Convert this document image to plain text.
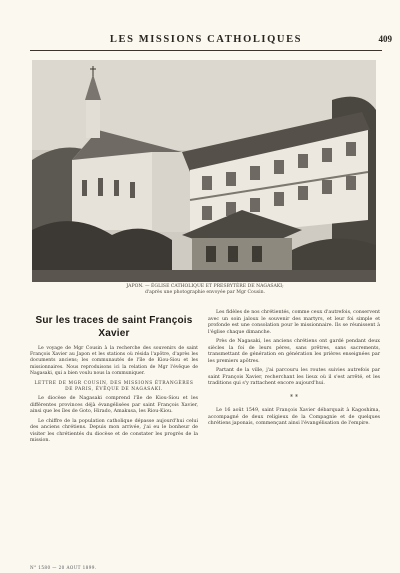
LES MISSIONS CATHOLIQUES	409
JAPON. — ÉGLISE CATHOLIQUE ET PRESBYTÈRE DE NAGASAKI;
d'après une photographie envoyée par Mgr Cousin.
Sur les traces de saint François Xavier

Le voyage de Mgr Cousin à la recherche des souvenirs de saint François Xavier au Japon et les stations où résida l'apôtre, d'après les documents anciens; les communautés de l'île de Kiou-Siou et les missionnaires. Nous reproduisons ici la relation de Mgr l'évêque de Nagasaki, qui a bien voulu nous la communiquer.

LETTRE DE MGR COUSIN, DES MISSIONS ÉTRANGÈRES DE PARIS, ÉVÊQUE DE NAGASAKI.

Le diocèse de Nagasaki comprend l'île de Kiou-Siou et les différentes provinces déjà évangélisées par saint François Xavier, ainsi que les îles de Goto, Hirado, Amakusa, les Riou-Kiou.

Le chiffre de la population catholique dépasse aujourd'hui celui des anciens chrétiens. Depuis mon arrivée, j'ai eu le bonheur de visiter les chrétientés du diocèse et de constater les progrès de la mission.

Les fidèles de nos chrétientés, comme ceux d'autrefois, conservent avec un soin jaloux le souvenir des martyrs, et leur foi simple et profonde est une consolation pour le missionnaire. Ils se réunissent à l'église chaque dimanche.

Près de Nagasaki, les anciens chrétiens ont gardé pendant deux siècles la foi de leurs pères, sans prêtres, sans sacrements, transmettant de génération en génération les prières enseignées par les premiers apôtres.

Partant de la ville, j'ai parcouru les routes suivies autrefois par saint François Xavier, recherchant les lieux où il s'est arrêté, et les traditions qui s'y rattachent encore aujourd'hui.

* *

Le 16 août 1549, saint François Xavier débarquait à Kagoshima, accompagné de deux religieux de la Compagnie et de quelques chrétiens japonais, commençant ainsi l'évangélisation de l'empire.

N° 1580 — 20 AOUT 1899.
